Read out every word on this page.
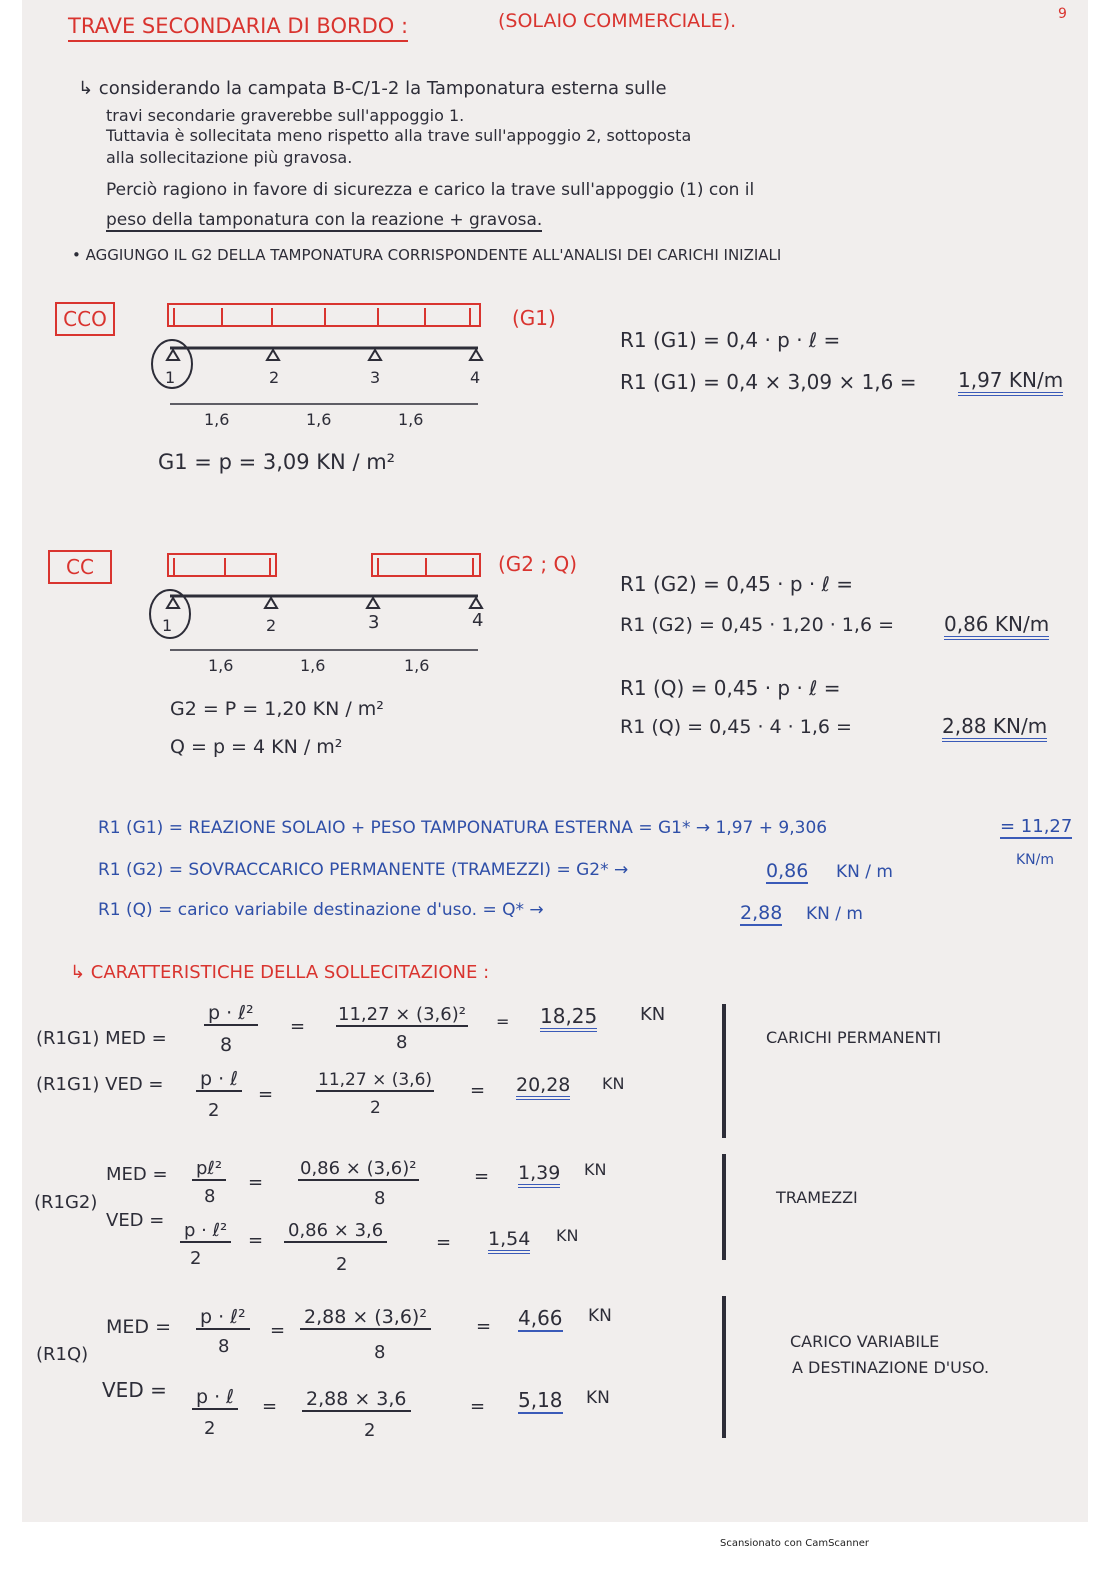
9
TRAVE SECONDARIA DI BORDO :	(SOLAIO COMMERCIALE).
↳ considerando la campata B-C/1-2 la Tamponatura esterna sulle
travi secondarie graverebbe sull'appoggio 1.
Tuttavia è sollecitata meno rispetto alla trave sull'appoggio 2, sottoposta
alla sollecitazione più gravosa.
Perciò ragiono in favore di sicurezza e carico la trave sull'appoggio (1) con il
peso della tamponatura con la reazione + gravosa.
• AGGIUNGO IL G2 DELLA TAMPONATURA CORRISPONDENTE ALL'ANALISI DEI CARICHI INIZIALI
CCO	(G1)
1	2	3	4
1,6	1,6	1,6
G1 = p = 3,09 KN / m²
R1 (G1) = 0,4 · p · ℓ =
R1 (G1) = 0,4 × 3,09 × 1,6 = 1,97 KN/m
CC	(G2 ; Q)
1	2	3	4
1,6	1,6	1,6
G2 = P = 1,20 KN / m²
Q = p = 4 KN / m²
R1 (G2) = 0,45 · p · ℓ =
R1 (G2) = 0,45 · 1,20 · 1,6 =	0,86 KN/m
R1 (Q) = 0,45 · p · ℓ =
R1 (Q) = 0,45 · 4 · 1,6 =	2,88 KN/m
R1 (G1) = REAZIONE SOLAIO + PESO TAMPONATURA ESTERNA = G1* → 1,97 + 9,306	= 11,27
KN/m
R1 (G2) = SOVRACCARICO PERMANENTE (TRAMEZZI) = G2* →	0,86 KN / m
R1 (Q) = carico variabile destinazione d'uso. = Q* →	2,88 KN / m
↳ CARATTERISTICHE DELLA SOLLECITAZIONE :
(R1G1) MED =
p · ℓ²
8
=
11,27 × (3,6)²
8
= 18,25 KN
(R1G1) VED = p · ℓ
2
=
11,27 × (3,6)
2
= 20,28 KN
CARICHI PERMANENTI
(R1G2)
MED = pℓ²
8
=
0,86 × (3,6)²
8
= 1,39 KN
VED = p · ℓ²
2
= 0,86 × 3,6
2
= 1,54 KN
TRAMEZZI
(R1Q)
MED = p · ℓ²
8
=
2,88 × (3,6)²
8
= 4,66 KN
VED = p · ℓ
2
= 2,88 × 3,6
2
= 5,18 KN
CARICO VARIABILE
A DESTINAZIONE D'USO.
Scansionato con CamScanner
